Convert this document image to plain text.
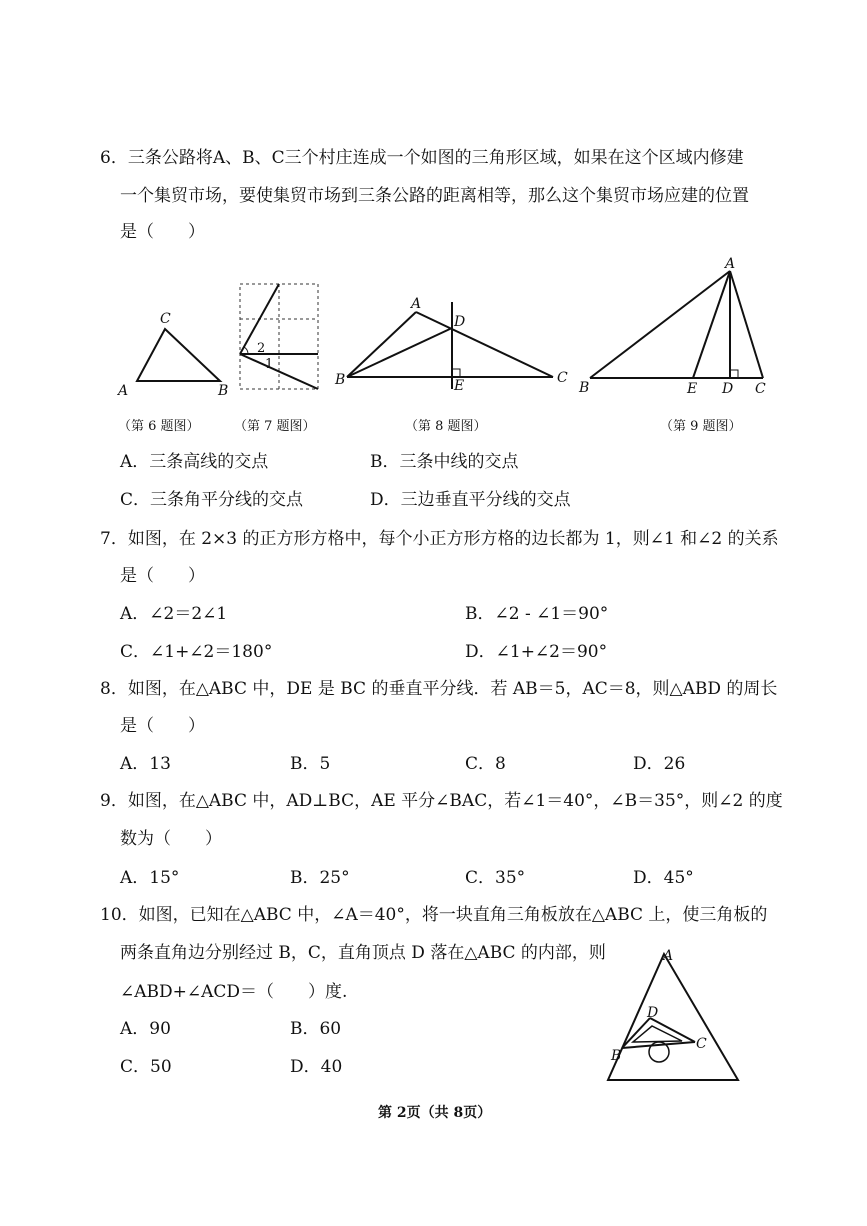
6．三条公路将A、B、C三个村庄连成一个如图的三角形区域，如果在这个区域内修建
一个集贸市场，要使集贸市场到三条公路的距离相等，那么这个集贸市场应建的位置
是（　　）
C
A	B
2
1
A
B	C
D
E
A
B	E D C
（第 6 题图）	（第 7 题图）	（第 8 题图）	（第 9 题图）
A．三条高线的交点	B．三条中线的交点
C．三条角平分线的交点	D．三边垂直平分线的交点
7．如图，在 2×3 的正方形方格中，每个小正方形方格的边长都为 1，则∠1 和∠2 的关系
是（　　）
A．∠2＝2∠1	B．∠2 - ∠1＝90°
C．∠1+∠2＝180°	D．∠1+∠2＝90°
8．如图，在△ABC 中，DE 是 BC 的垂直平分线．若 AB＝5，AC＝8，则△ABD 的周长
是（　　）
A．13	B．5	C．8	D．26
9．如图，在△ABC 中，AD⊥BC，AE 平分∠BAC，若∠1＝40°，∠B＝35°，则∠2 的度
数为（　　）
A．15°	B．25°	C．35°	D．45°
10．如图，已知在△ABC 中，∠A＝40°，将一块直角三角板放在△ABC 上，使三角板的
两条直角边分别经过 B，C，直角顶点 D 落在△ABC 的内部，则
∠ABD+∠ACD＝（　　）度.
A．90	B．60
C．50	D．40
A
D
B
C
第 2页（共 8页）
